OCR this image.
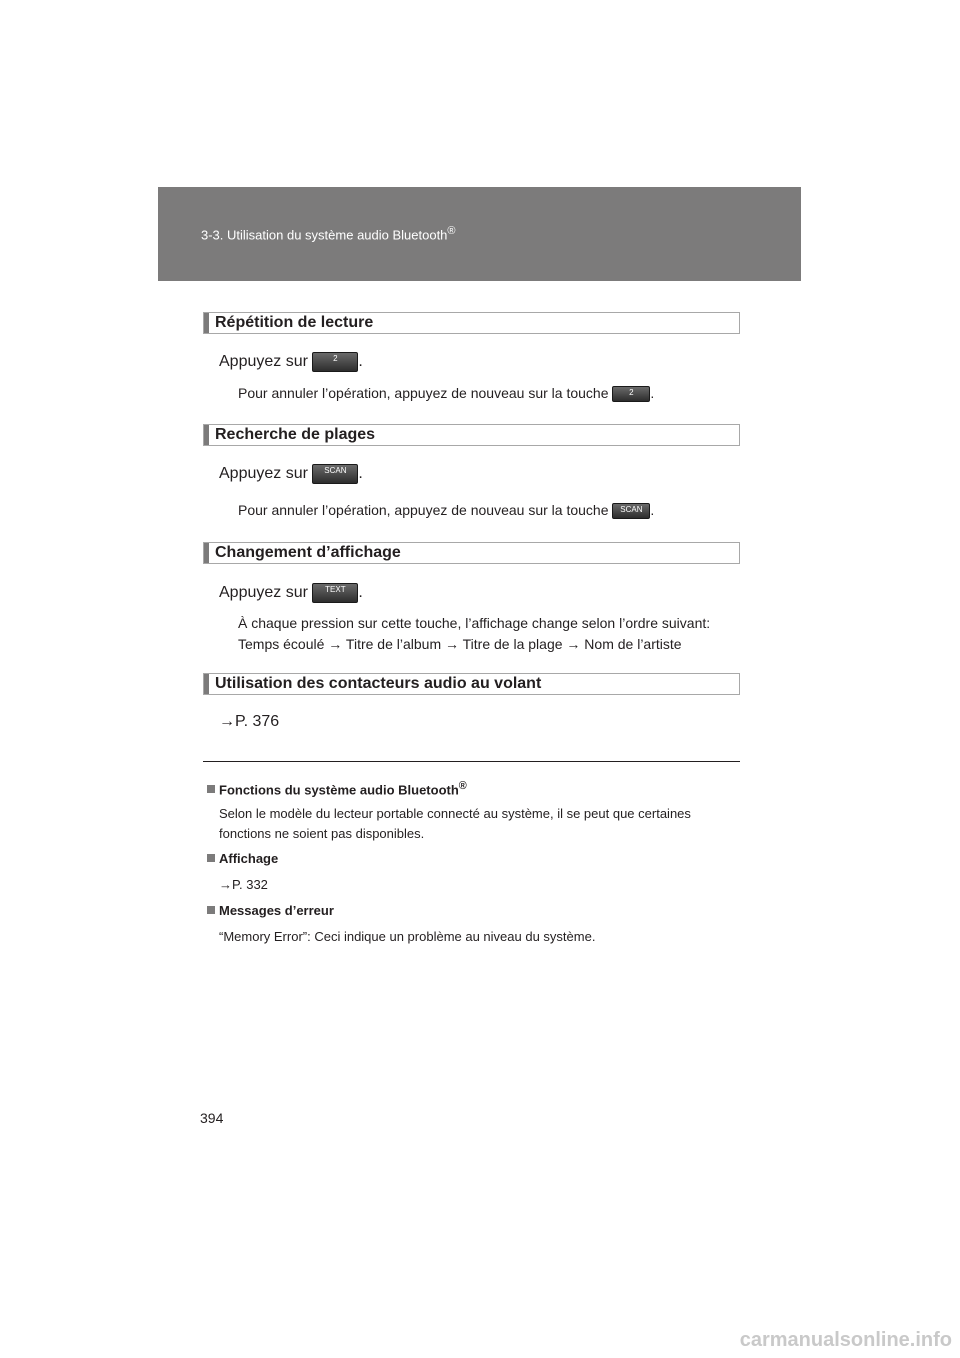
3-3. Utilisation du système audio Bluetooth®
Répétition de lecture
Appuyez sur	2 .
Pour annuler l’opération, appuyez de nouveau sur la touche	2 .
Recherche de plages
Appuyez sur SCAN .
Pour annuler l’opération, appuyez de nouveau sur la touche SCAN .
Changement d’affichage
Appuyez sur TEXT .
À chaque pression sur cette touche, l’affichage change selon l’ordre suivant:
Temps écoulé → Titre de l’album → Titre de la plage → Nom de l’artiste
Utilisation des contacteurs audio au volant
→P. 376
Fonctions du système audio Bluetooth®
Selon le modèle du lecteur portable connecté au système, il se peut que certaines fonctions ne soient pas disponibles.
Affichage
→P. 332
Messages d’erreur
“Memory Error”: Ceci indique un problème au niveau du système.
394
carmanualsonline.info
